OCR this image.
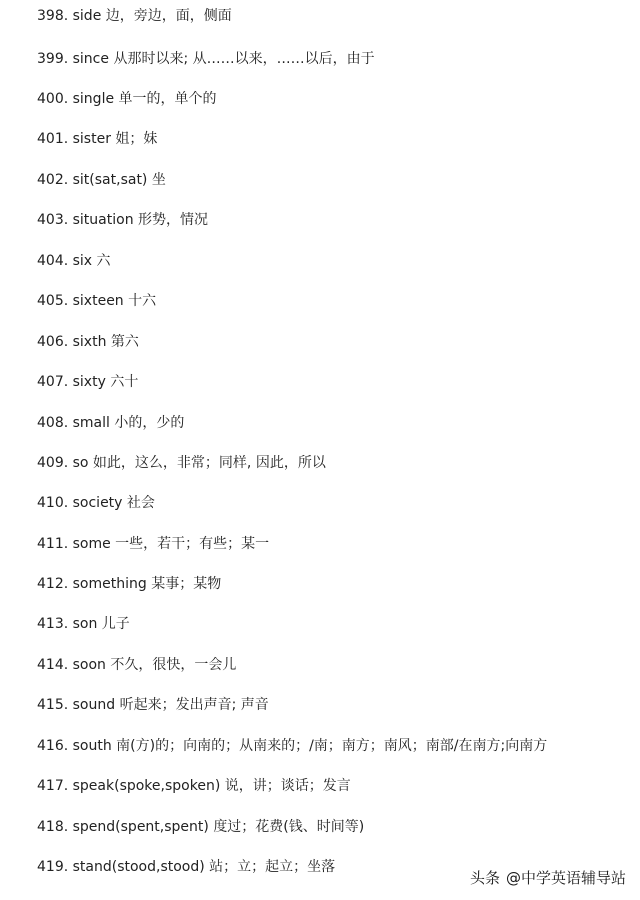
398. side 边，旁边，面，侧面
399. since 从那时以来; 从……以来，……以后，由于
400. single 单一的，单个的
401. sister 姐；妹
402. sit(sat,sat) 坐
403. situation 形势，情况
404. six 六
405. sixteen 十六
406. sixth 第六
407. sixty 六十
408. small 小的，少的
409. so 如此，这么，非常；同样, 因此，所以
410. society 社会
411. some 一些，若干；有些；某一
412. something 某事；某物
413. son 儿子
414. soon 不久，很快，一会儿
415. sound 听起来；发出声音; 声音
416. south 南(方)的；向南的；从南来的；/南；南方；南风；南部/在南方;向南方
417. speak(spoke,spoken) 说，讲；谈话；发言
418. spend(spent,spent) 度过；花费(钱、时间等)
419. stand(stood,stood) 站；立；起立；坐落
头条 @中学英语辅导站
